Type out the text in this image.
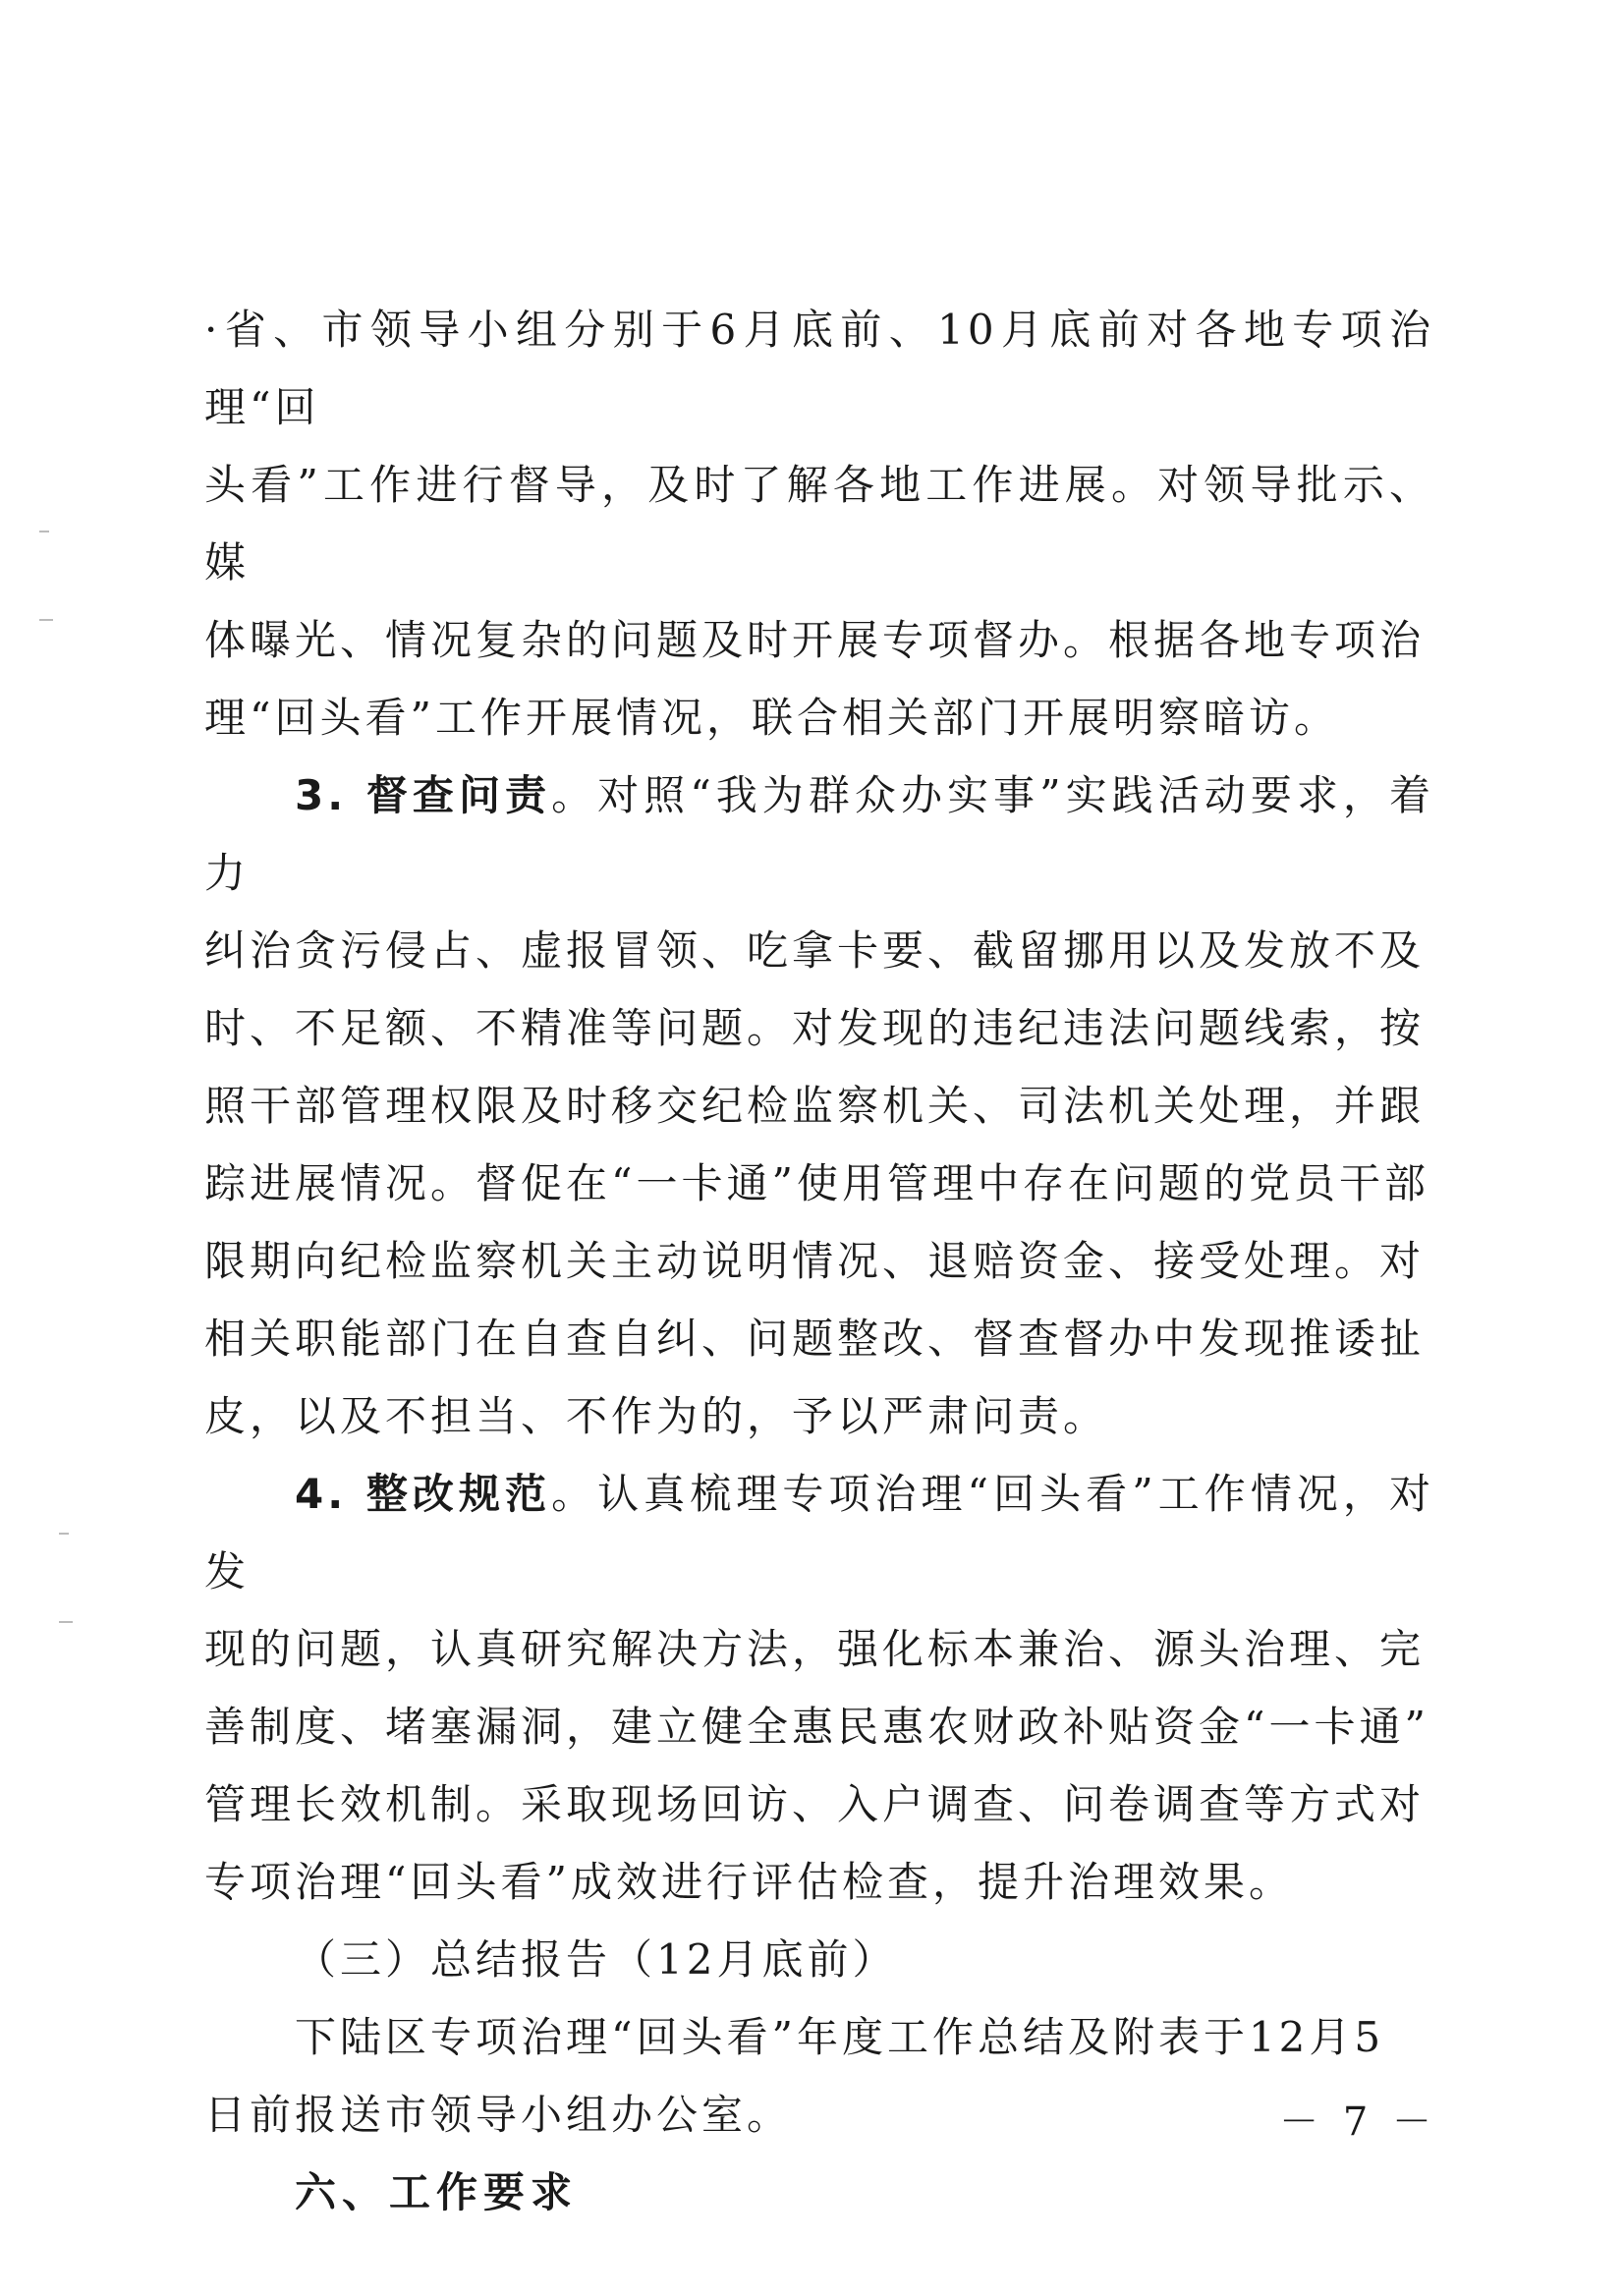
·省、市领导小组分别于6月底前、10月底前对各地专项治理“回
头看”工作进行督导，及时了解各地工作进展。对领导批示、媒
体曝光、情况复杂的问题及时开展专项督办。根据各地专项治
理“回头看”工作开展情况，联合相关部门开展明察暗访。

3. 督查问责。对照“我为群众办实事”实践活动要求，着力
纠治贪污侵占、虚报冒领、吃拿卡要、截留挪用以及发放不及
时、不足额、不精准等问题。对发现的违纪违法问题线索，按
照干部管理权限及时移交纪检监察机关、司法机关处理，并跟
踪进展情况。督促在“一卡通”使用管理中存在问题的党员干部
限期向纪检监察机关主动说明情况、退赔资金、接受处理。对
相关职能部门在自查自纠、问题整改、督查督办中发现推诿扯
皮，以及不担当、不作为的，予以严肃问责。

4. 整改规范。认真梳理专项治理“回头看”工作情况，对发
现的问题，认真研究解决方法，强化标本兼治、源头治理、完
善制度、堵塞漏洞，建立健全惠民惠农财政补贴资金“一卡通”
管理长效机制。采取现场回访、入户调查、问卷调查等方式对
专项治理“回头看”成效进行评估检查，提升治理效果。

（三）总结报告（12月底前）

下陆区专项治理“回头看”年度工作总结及附表于12月5
日前报送市领导小组办公室。

六、工作要求

－ 7 －
